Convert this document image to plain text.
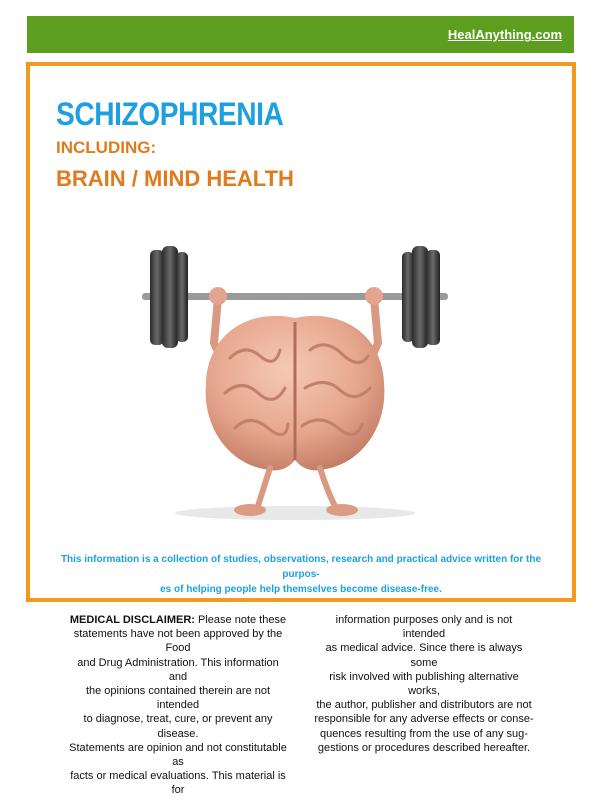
HealAnything.com
SCHIZOPHRENIA
INCLUDING:
BRAIN / MIND HEALTH
This information is a collection of studies, observations, research and practical advice written for the purpos-
es of helping people help themselves become disease-free.
MEDICAL DISCLAIMER: Please note these
statements have not been approved by the Food
and Drug Administration. This information and
the opinions contained therein are not intended
to diagnose, treat, cure, or prevent any disease.
Statements are opinion and not constitutable as
facts or medical evaluations. This material is for
information purposes only and is not intended
as medical advice. Since there is always some
risk involved with publishing alternative works,
the author, publisher and distributors are not
responsible for any adverse effects or conse-
quences resulting from the use of any sug-
gestions or procedures described hereafter.
